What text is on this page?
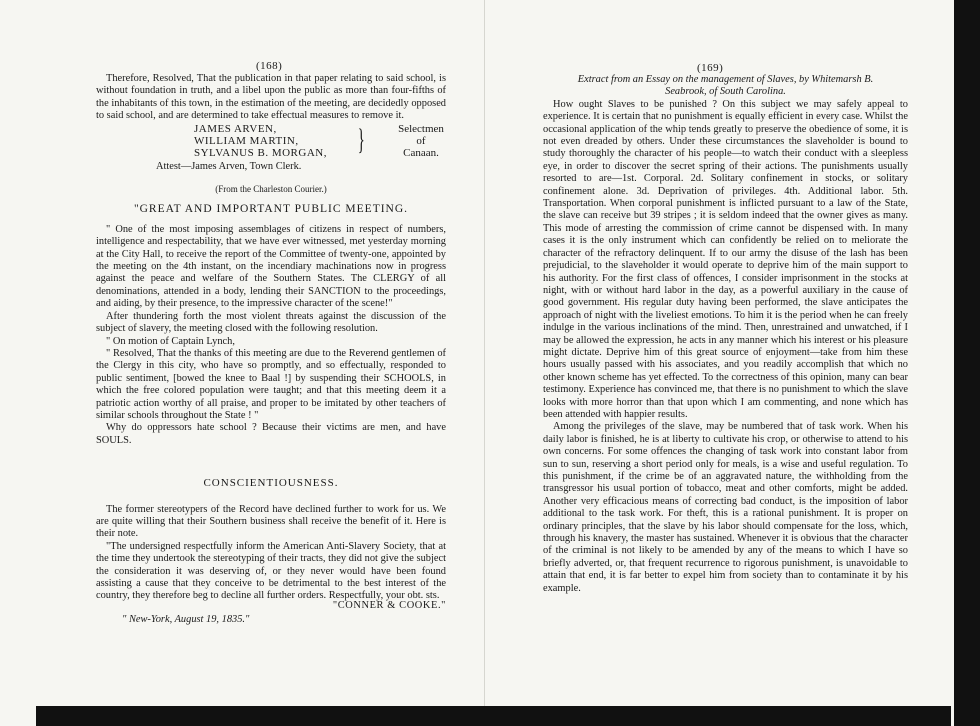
(168)

Therefore, Resolved, That the publication in that paper relating to said school, is without foundation in truth, and a libel upon the public as more than four-fifths of the inhabitants of this town, in the estimation of the meeting, are decidedly opposed to said school, and are determined to take effectual measures to remove it.

JAMES ARVEN,
WILLIAM MARTIN,
SYLVANUS B. MORGAN,	}	Selectmen
of
Canaan.

Attest—James Arven, Town Clerk.

(From the Charleston Courier.)

"GREAT AND IMPORTANT PUBLIC MEETING.

" One of the most imposing assemblages of citizens in respect of numbers, intelligence and respectability, that we have ever witnessed, met yesterday morning at the City Hall, to receive the report of the Committee of twenty-one, appointed by the meeting on the 4th instant, on the incendiary machinations now in progress against the peace and welfare of the Southern States. The CLERGY of all denominations, attended in a body, lending their SANCTION to the proceedings, and aiding, by their presence, to the impressive character of the scene!"

After thundering forth the most violent threats against the discussion of the subject of slavery, the meeting closed with the following resolution.

" On motion of Captain Lynch,

" Resolved, That the thanks of this meeting are due to the Reverend gentlemen of the Clergy in this city, who have so promptly, and so effectually, responded to public sentiment, [bowed the knee to Baal !] by suspending their SCHOOLS, in which the free colored population were taught; and that this meeting deem it a patriotic action worthy of all praise, and proper to be imitated by other teachers of similar schools throughout the State ! "

Why do oppressors hate school ? Because their victims are men, and have SOULS.

CONSCIENTIOUSNESS.

The former stereotypers of the Record have declined further to work for us. We are quite willing that their Southern business shall receive the benefit of it. Here is their note.

"The undersigned respectfully inform the American Anti-Slavery Society, that at the time they undertook the stereotyping of their tracts, they did not give the subject the consideration it was deserving of, or they never would have been found assisting a cause that they conceive to be detrimental to the best interest of the country, they therefore beg to decline all further orders. Respectfully, your obt. sts.

"CONNER & COOKE."
" New-York, August 19, 1835."
(169)

Extract from an Essay on the management of Slaves, by Whitemarsh B.
Seabrook, of South Carolina.

How ought Slaves to be punished ? On this subject we may safely appeal to experience. It is certain that no punishment is equally efficient in every case. Whilst the occasional application of the whip tends greatly to preserve the obedience of some, it is not even dreaded by others. Under these circumstances the slaveholder is bound to study thoroughly the character of his people—to watch their conduct with a sleepless eye, in order to discover the secret spring of their actions. The punishments usually resorted to are—1st. Corporal. 2d. Solitary confinement in stocks, or solitary confinement alone. 3d. Deprivation of privileges. 4th. Additional labor. 5th. Transportation. When corporal punishment is inflicted pursuant to a law of the State, the slave can receive but 39 stripes ; it is seldom indeed that the owner gives as many. This mode of arresting the commission of crime cannot be dispensed with. In many cases it is the only instrument which can confidently be relied on to meliorate the character of the refractory delinquent. If to our army the disuse of the lash has been prejudicial, to the slaveholder it would operate to deprive him of the main support to his authority. For the first class of offences, I consider imprisonment in the stocks at night, with or without hard labor in the day, as a powerful auxiliary in the cause of good government. His regular duty having been performed, the slave anticipates the approach of night with the liveliest emotions. To him it is the period when he can freely indulge in the various inclinations of the mind. Then, unrestrained and unwatched, if I may be allowed the expression, he acts in any manner which his interest or his pleasure might dictate. Deprive him of this great source of enjoyment—take from him these hours usually passed with his associates, and you readily accomplish that which no other known scheme has yet effected. To the correctness of this opinion, many can bear testimony. Experience has convinced me, that there is no punishment to which the slave looks with more horror than that upon which I am commenting, and none which has been attended with happier results.

Among the privileges of the slave, may be numbered that of task work. When his daily labor is finished, he is at liberty to cultivate his crop, or otherwise to attend to his own concerns. For some offences the changing of task work into constant labor from sun to sun, reserving a short period only for meals, is a wise and useful regulation. To this punishment, if the crime be of an aggravated nature, the withholding from the transgressor his usual portion of tobacco, meat and other comforts, might be added. Another very efficacious means of correcting bad conduct, is the imposition of labor additional to the task work. For theft, this is a rational punishment. It is proper on ordinary principles, that the slave by his labor should compensate for the loss, which, through his knavery, the master has sustained. Whenever it is obvious that the character of the criminal is not likely to be amended by any of the means to which I have so briefly adverted, or, that frequent recurrence to rigorous punishment, is unavoidable to attain that end, it is far better to expel him from society than to contaminate it by his example.
